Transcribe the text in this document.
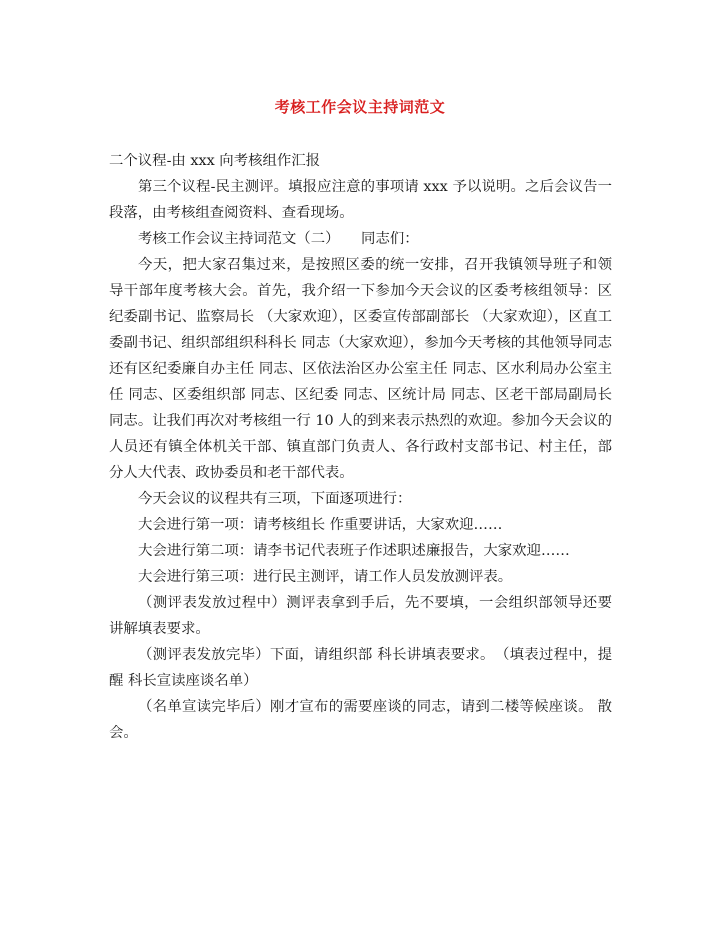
考核工作会议主持词范文

二个议程-由 xxx 向考核组作汇报

第三个议程-民主测评。填报应注意的事项请 xxx 予以说明。之后会议告一段落，由考核组查阅资料、查看现场。

考核工作会议主持词范文（二）　　同志们：

今天，把大家召集过来，是按照区委的统一安排，召开我镇领导班子和领导干部年度考核大会。首先，我介绍一下参加今天会议的区委考核组领导：区纪委副书记、监察局长 （大家欢迎），区委宣传部副部长 （大家欢迎），区直工委副书记、组织部组织科科长 同志（大家欢迎），参加今天考核的其他领导同志还有区纪委廉自办主任 同志、区依法治区办公室主任 同志、区水利局办公室主任 同志、区委组织部 同志、区纪委 同志、区统计局 同志、区老干部局副局长 同志。让我们再次对考核组一行 10 人的到来表示热烈的欢迎。参加今天会议的人员还有镇全体机关干部、镇直部门负责人、各行政村支部书记、村主任，部分人大代表、政协委员和老干部代表。

今天会议的议程共有三项，下面逐项进行：

大会进行第一项：请考核组长 作重要讲话，大家欢迎……

大会进行第二项：请李书记代表班子作述职述廉报告，大家欢迎……

大会进行第三项：进行民主测评，请工作人员发放测评表。

（测评表发放过程中）测评表拿到手后，先不要填，一会组织部领导还要讲解填表要求。

（测评表发放完毕）下面，请组织部 科长讲填表要求。　（填表过程中，提醒 科长宣读座谈名单）

（名单宣读完毕后）刚才宣布的需要座谈的同志，请到二楼等候座谈。 散会。
